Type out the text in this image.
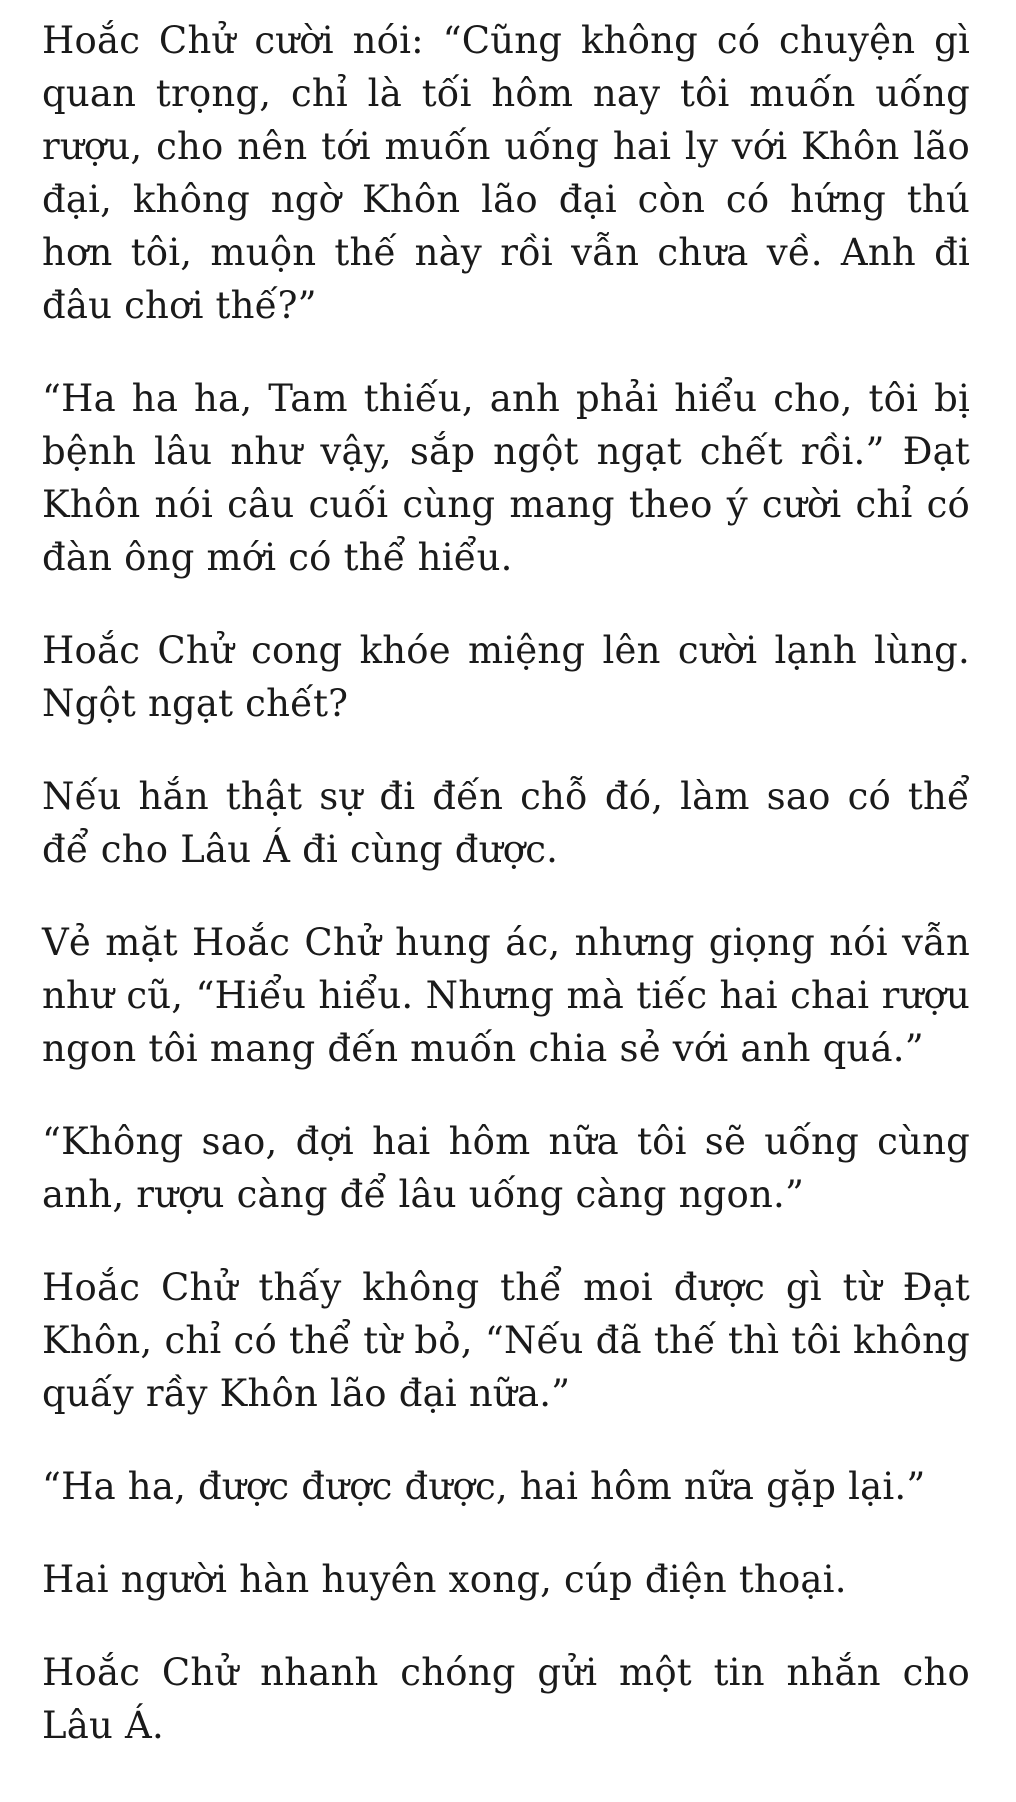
Hoắc Chử cười nói: “Cũng không có chuyện gì quan trọng, chỉ là tối hôm nay tôi muốn uống rượu, cho nên tới muốn uống hai ly với Khôn lão đại, không ngờ Khôn lão đại còn có hứng thú hơn tôi, muộn thế này rồi vẫn chưa về. Anh đi đâu chơi thế?”

“Ha ha ha, Tam thiếu, anh phải hiểu cho, tôi bị bệnh lâu như vậy, sắp ngột ngạt chết rồi.” Đạt Khôn nói câu cuối cùng mang theo ý cười chỉ có đàn ông mới có thể hiểu.

Hoắc Chử cong khóe miệng lên cười lạnh lùng. Ngột ngạt chết?

Nếu hắn thật sự đi đến chỗ đó, làm sao có thể để cho Lâu Á đi cùng được.

Vẻ mặt Hoắc Chử hung ác, nhưng giọng nói vẫn như cũ, “Hiểu hiểu. Nhưng mà tiếc hai chai rượu ngon tôi mang đến muốn chia sẻ với anh quá.”

“Không sao, đợi hai hôm nữa tôi sẽ uống cùng anh, rượu càng để lâu uống càng ngon.”

Hoắc Chử thấy không thể moi được gì từ Đạt Khôn, chỉ có thể từ bỏ, “Nếu đã thế thì tôi không quấy rầy Khôn lão đại nữa.”

“Ha ha, được được được, hai hôm nữa gặp lại.”

Hai người hàn huyên xong, cúp điện thoại.

Hoắc Chử nhanh chóng gửi một tin nhắn cho Lâu Á.
